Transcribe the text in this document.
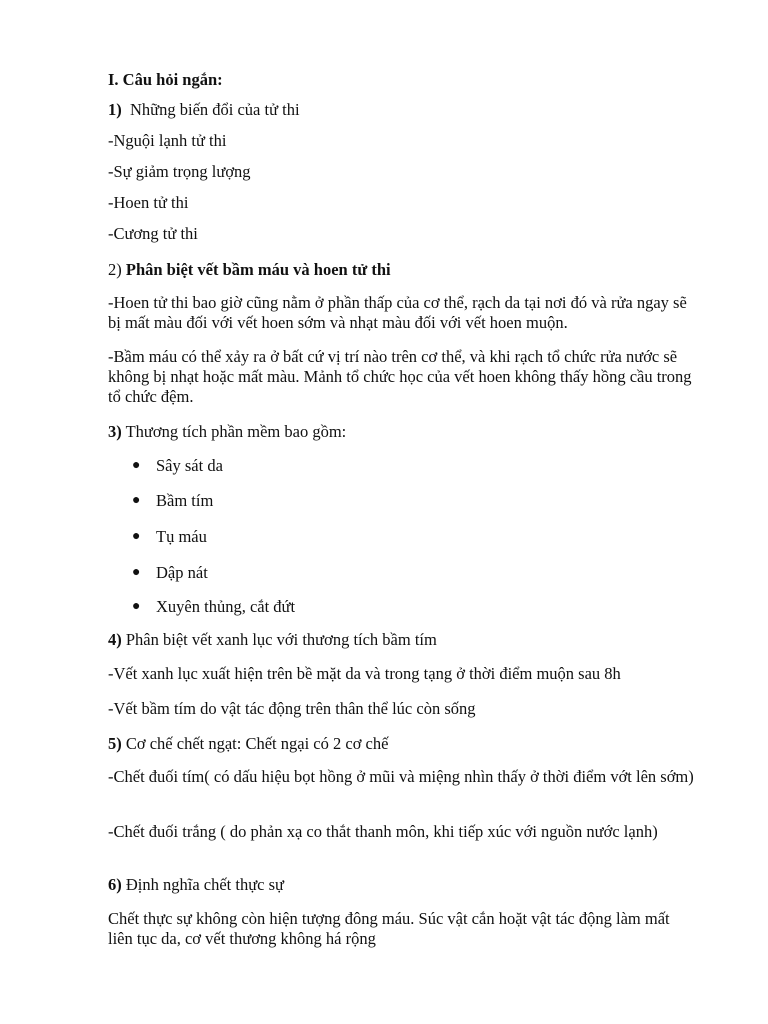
I. Câu hỏi ngắn:
1) Những biến đổi của tử thi
-Nguội lạnh tử thi
-Sự giảm trọng lượng
-Hoen tử thi
-Cương tử thi
2) Phân biệt vết bầm máu và hoen tử thi
-Hoen tử thi bao giờ cũng nằm ở phần thấp của cơ thể, rạch da tại nơi đó và rửa ngay sẽ bị mất màu đối với vết hoen sớm và nhạt màu đối với vết hoen muộn.
-Bầm máu có thể xảy ra ở bất cứ vị trí nào trên cơ thể, và khi rạch tổ chức rửa nước sẽ không bị nhạt hoặc mất màu. Mảnh tổ chức học của vết hoen không thấy hồng cầu trong tổ chức đệm.
3) Thương tích phần mềm bao gồm:
● Sây sát da
● Bầm tím
● Tụ máu
● Dập nát
● Xuyên thủng, cắt đứt
4) Phân biệt vết xanh lục với thương tích bầm tím
-Vết xanh lục xuất hiện trên bề mặt da và trong tạng ở thời điểm muộn sau 8h
-Vết bầm tím do vật tác động trên thân thể lúc còn sống
5) Cơ chế chết ngạt: Chết ngại có 2 cơ chế
-Chết đuối tím( có dấu hiệu bọt hồng ở mũi và miệng nhìn thấy ở thời điểm vớt lên sớm)
-Chết đuối trắng ( do phản xạ co thắt thanh môn, khi tiếp xúc với nguồn nước lạnh)
6) Định nghĩa chết thực sự
Chết thực sự không còn hiện tượng đông máu. Súc vật cắn hoặt vật tác động làm mất liên tục da, cơ vết thương không há rộng
